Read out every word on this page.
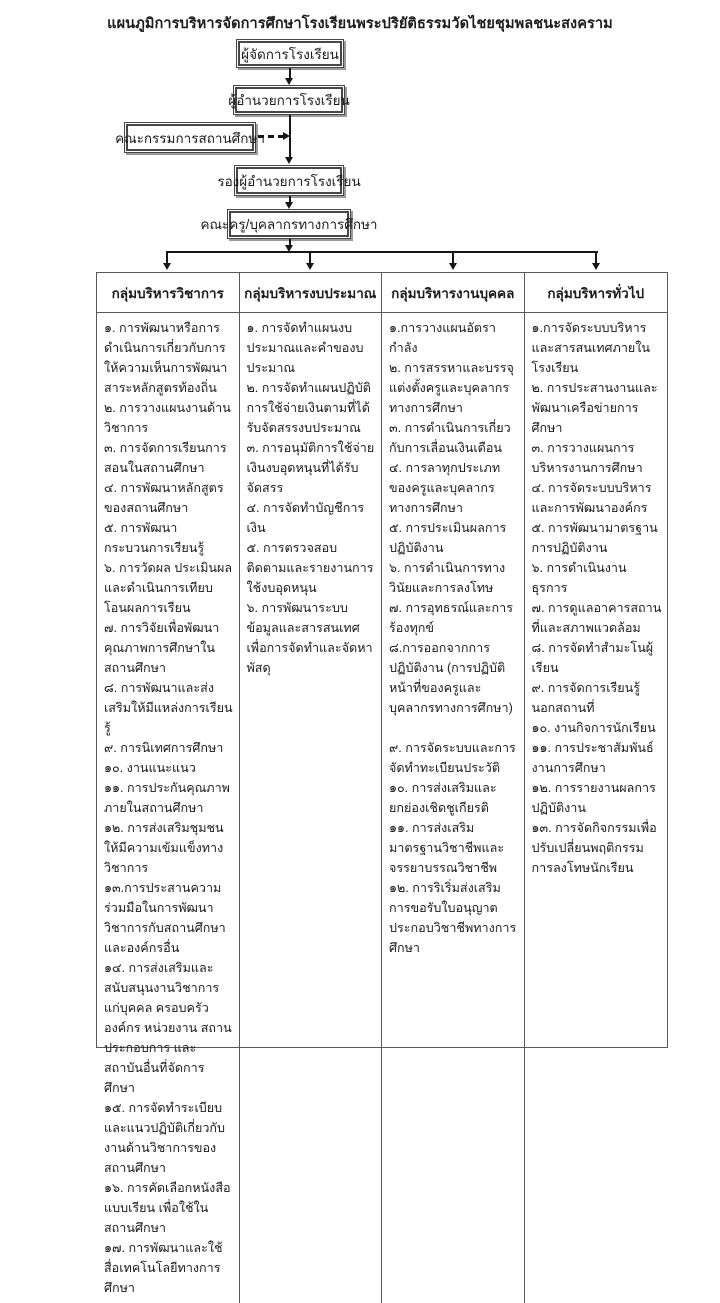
แผนภูมิการบริหารจัดการศึกษาโรงเรียนพระปริยัติธรรมวัดไชยชุมพลชนะสงคราม
ผู้จัดการโรงเรียน
ผู้อำนวยการโรงเรียน
คณะกรรมการสถานศึกษา
รองผู้อำนวยการโรงเรียน
คณะครู/บุคลากรทางการศึกษา
กลุ่มบริหารวิชาการ

๑. การพัฒนาหรือการดำเนินการเกี่ยวกับการให้ความเห็นการพัฒนาสาระหลักสูตรท้องถิ่น

๒. การวางแผนงานด้านวิชาการ

๓. การจัดการเรียนการสอนในสถานศึกษา

๔. การพัฒนาหลักสูตรของสถานศึกษา

๕. การพัฒนากระบวนการเรียนรู้

๖. การวัดผล ประเมินผล และดำเนินการเทียบโอนผลการเรียน

๗. การวิจัยเพื่อพัฒนาคุณภาพการศึกษาในสถานศึกษา

๘. การพัฒนาและส่งเสริมให้มีแหล่งการเรียนรู้

๙. การนิเทศการศึกษา

๑๐. งานแนะแนว

๑๑. การประกันคุณภาพภายในสถานศึกษา

๑๒. การส่งเสริมชุมชนให้มีความเข้มแข็งทางวิชาการ

๑๓.การประสานความร่วมมือในการพัฒนาวิชาการกับสถานศึกษาและองค์กรอื่น

๑๔. การส่งเสริมและสนับสนุนงานวิชาการแก่บุคคล ครอบครัว องค์กร หน่วยงาน สถานประกอบการ และสถาบันอื่นที่จัดการศึกษา

๑๕. การจัดทำระเบียบและแนวปฏิบัติเกี่ยวกับงานด้านวิชาการของสถานศึกษา

๑๖. การคัดเลือกหนังสือแบบเรียน เพื่อใช้ในสถานศึกษา

๑๗. การพัฒนาและใช้สื่อเทคโนโลยีทางการศึกษา

กลุ่มบริหารงบประมาณ

๑. การจัดทำแผนงบประมาณและคำของบประมาณ

๒. การจัดทำแผนปฏิบัติการใช้จ่ายเงินตามที่ได้รับจัดสรรงบประมาณ

๓. การอนุมัติการใช้จ่ายเงินงบอุดหนุนที่ได้รับจัดสรร

๔. การจัดทำบัญชีการเงิน

๕. การตรวจสอบติดตามและรายงานการใช้งบอุดหนุน

๖. การพัฒนาระบบข้อมูลและสารสนเทศเพื่อการจัดทำและจัดหาพัสดุ

กลุ่มบริหารงานบุคคล

๑.การวางแผนอัตรากำลัง

๒. การสรรหาและบรรจุแต่งตั้งครูและบุคลากรทางการศึกษา

๓. การดำเนินการเกี่ยวกับการเลื่อนเงินเดือน

๔. การลาทุกประเภทของครูและบุคลากรทางการศึกษา

๕. การประเมินผลการปฏิบัติงาน

๖. การดำเนินการทางวินัยและการลงโทษ

๗. การอุทธรณ์และการร้องทุกข์

๘.การออกจากการปฏิบัติงาน (การปฏิบัติหน้าที่ของครูและบุคลากรทางการศึกษา)

๙. การจัดระบบและการจัดทำทะเบียนประวัติ

๑๐. การส่งเสริมและยกย่องเชิดชูเกียรติ

๑๑. การส่งเสริมมาตรฐานวิชาชีพและจรรยาบรรณวิชาชีพ

๑๒. การริเริ่มส่งเสริมการขอรับใบอนุญาตประกอบวิชาชีพทางการศึกษา

กลุ่มบริหารทั่วไป

๑.การจัดระบบบริหารและสารสนเทศภายในโรงเรียน

๒. การประสานงานและพัฒนาเครือข่ายการศึกษา

๓. การวางแผนการบริหารงานการศึกษา

๔. การจัดระบบบริหารและการพัฒนาองค์กร

๕. การพัฒนามาตรฐานการปฏิบัติงาน

๖. การดำเนินงานธุรการ

๗. การดูแลอาคารสถานที่และสภาพแวดล้อม

๘. การจัดทำสำมะโนผู้เรียน

๙. การจัดการเรียนรู้นอกสถานที่

๑๐. งานกิจการนักเรียน

๑๑. การประชาสัมพันธ์งานการศึกษา

๑๒. การรายงานผลการปฏิบัติงาน

๑๓. การจัดกิจกรรมเพื่อปรับเปลี่ยนพฤติกรรมการลงโทษนักเรียน
